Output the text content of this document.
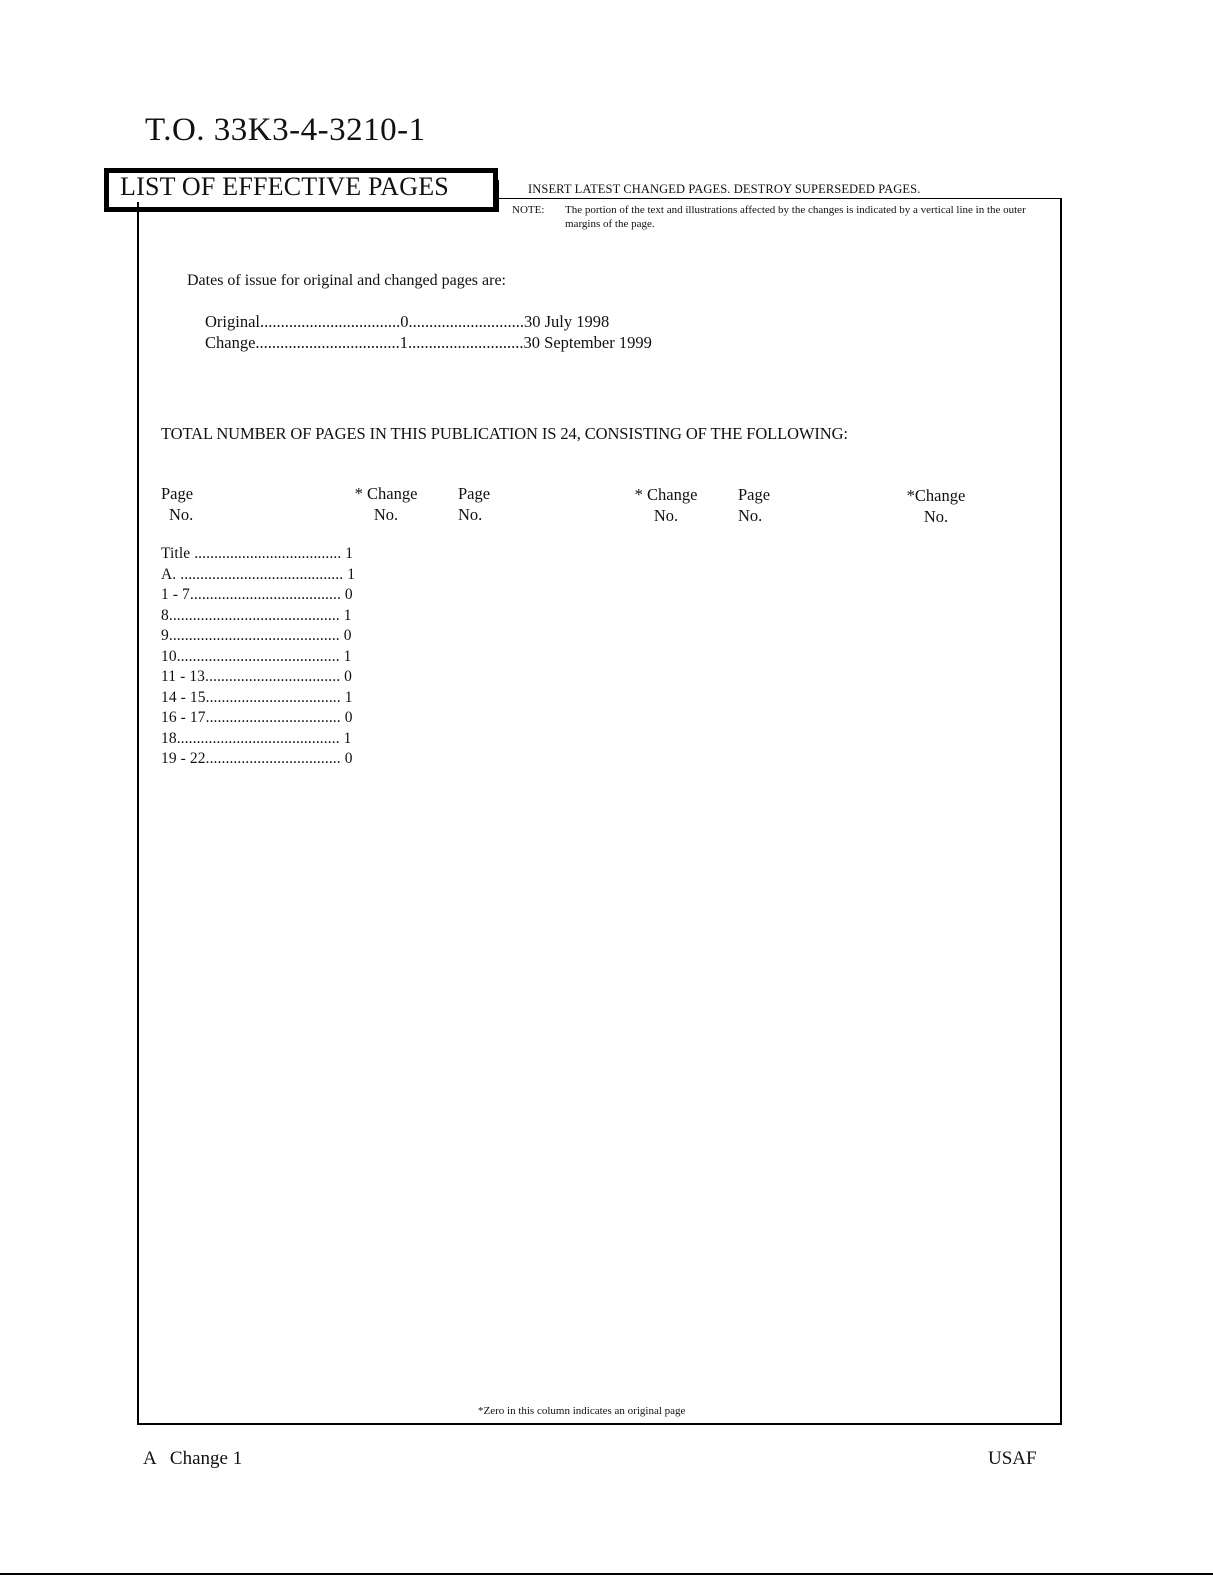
T.O. 33K3-4-3210-1
LIST OF EFFECTIVE PAGES	INSERT LATEST CHANGED PAGES. DESTROY SUPERSEDED PAGES.
NOTE: The portion of the text and illustrations affected by the changes is indicated by a vertical line in the outer margins of the page.
Dates of issue for original and changed pages are:
Original..................................0............................30 July 1998
Change...................................1............................30 September 1999
TOTAL NUMBER OF PAGES IN THIS PUBLICATION IS 24, CONSISTING OF THE FOLLOWING:
Page
No.
* Change
No.
Page
No.
* Change
No.
Page
No.
*Change
No.
Title ..................................... 1
A. ......................................... 1
1 - 7...................................... 0
8........................................... 1
9........................................... 0
10......................................... 1
11 - 13.................................. 0
14 - 15.................................. 1
16 - 17.................................. 0
18......................................... 1
19 - 22.................................. 0
*Zero in this column indicates an original page
A   Change 1	USAF
